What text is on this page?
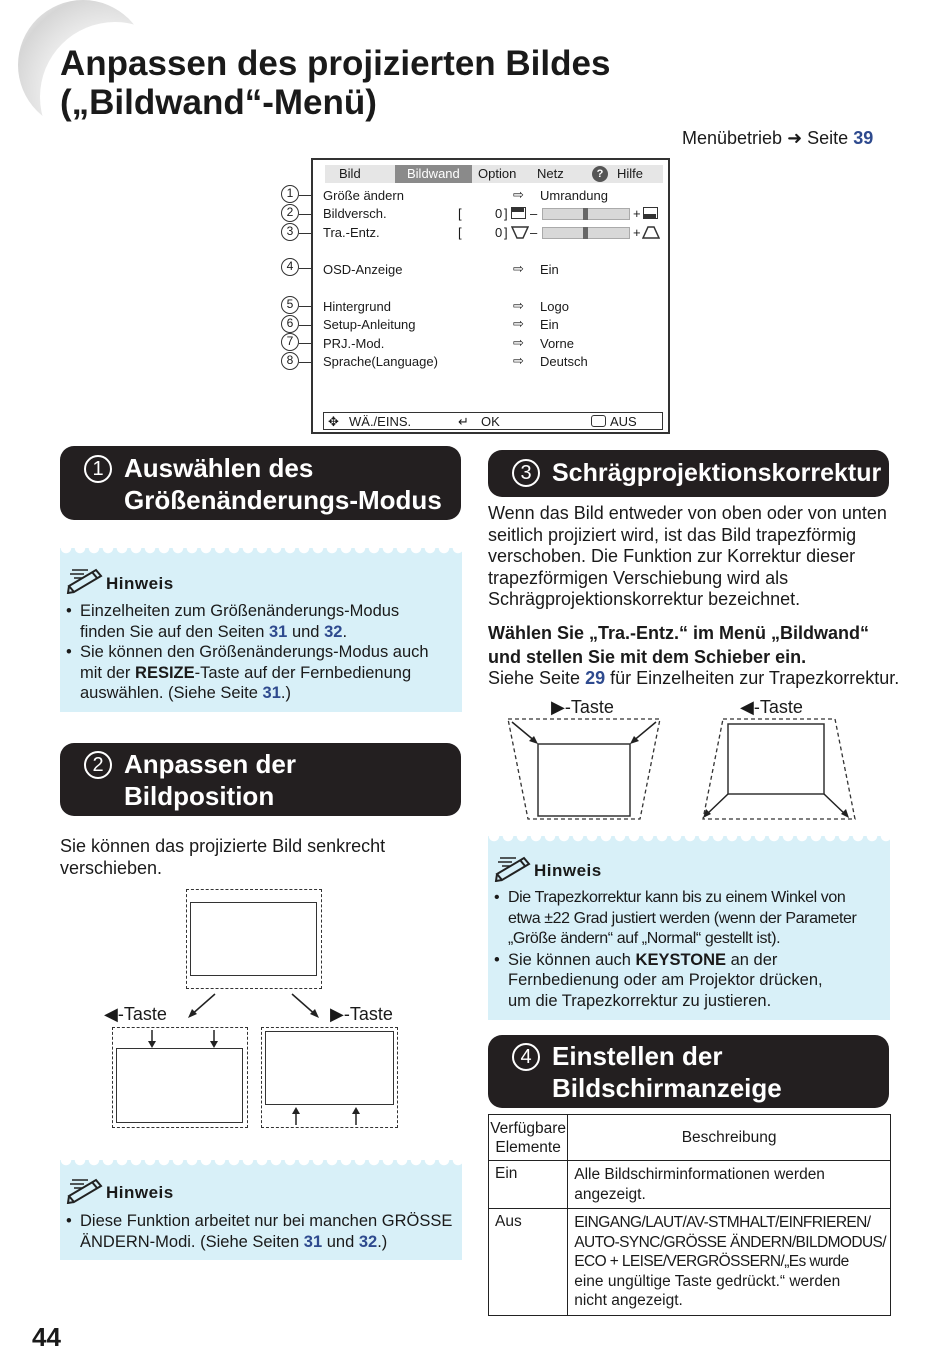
Anpassen des projizierten Bildes
(„Bildwand“-Menü)
Menübetrieb ➜ Seite 39
1
2
3
4
5
6
7
8
Bild	Bildwand	Option Netz	?	Hilfe
Größe ändern	⇨ Umrandung
Bildversch.	[	0 ] –	+
Tra.-Entz.	[	0 ] –	+
OSD-Anzeige	⇨ Ein
Hintergrund	⇨ Logo
Setup-Anleitung	⇨ Ein
PRJ.-Mod.	⇨ Vorne
Sprache(Language)	⇨ Deutsch
✥ WÄ./EINS.	↵ OK	AUS
1 Auswählen des
Größenänderungs-Modus
Hinweis
• Einzelheiten zum Größenänderungs-Modus
finden Sie auf den Seiten 31 und 32.
• Sie können den Größenänderungs-Modus auch
mit der RESIZE-Taste auf der Fernbedienung
auswählen. (Siehe Seite 31.)
2 Anpassen der
Bildposition
Sie können das projizierte Bild senkrecht
verschieben.
◀-Taste	▶-Taste
Hinweis
• Diese Funktion arbeitet nur bei manchen GRÖSSE
ÄNDERN-Modi. (Siehe Seiten 31 und 32.)
3 Schrägprojektionskorrektur
Wenn das Bild entweder von oben oder von unten
seitlich projiziert wird, ist das Bild trapezförmig
verschoben. Die Funktion zur Korrektur dieser
trapezförmigen Verschiebung wird als
Schrägprojektionskorrektur bezeichnet.
Wählen Sie „Tra.-Entz.“ im Menü „Bildwand“
und stellen Sie mit dem Schieber ein.
Siehe Seite 29 für Einzelheiten zur Trapezkorrektur.
▶-Taste	◀-Taste
Hinweis
• Die Trapezkorrektur kann bis zu einem Winkel von
etwa ±22 Grad justiert werden (wenn der Parameter
„Größe ändern“ auf „Normal“ gestellt ist).
• Sie können auch KEYSTONE an der
Fernbedienung oder am Projektor drücken,
um die Trapezkorrektur zu justieren.
4 Einstellen der
Bildschirmanzeige
Verfügbare
Elemente	Beschreibung
Ein	Alle Bildschirminformationen werden
angezeigt.

Aus	EINGANG/LAUT/AV-STMHALT/EINFRIEREN/
AUTO-SYNC/GRÖSSE ÄNDERN/BILDMODUS/
ECO + LEISE/VERGRÖSSERN/„Es wurde
eine ungültige Taste gedrückt.“ werden
nicht angezeigt.
44
